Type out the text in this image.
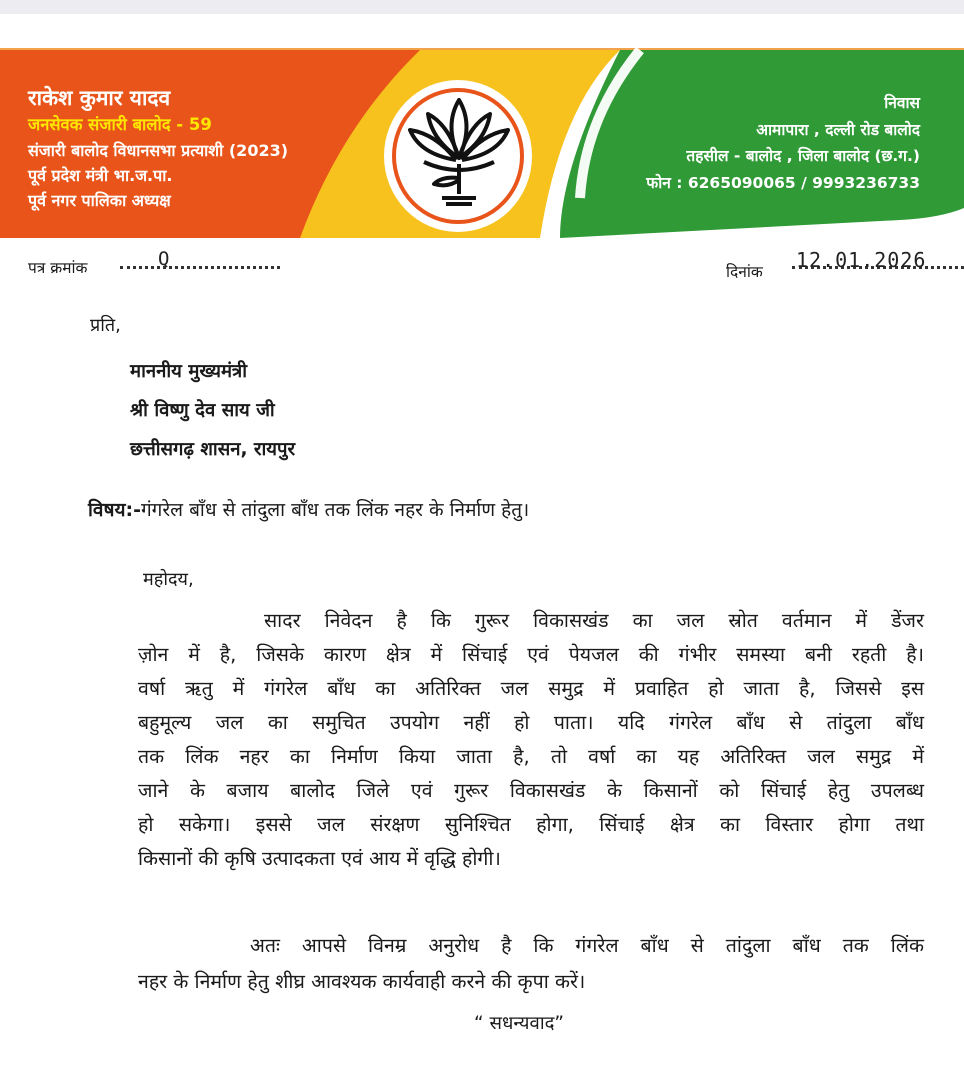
राकेश कुमार यादव
जनसेवक संजारी बालोद - 59
संजारी बालोद विधानसभा प्रत्याशी (2023)
पूर्व प्रदेश मंत्री भा.ज.पा.
पूर्व नगर पालिका अध्यक्ष
निवास
आमापारा , दल्ली रोड बालोद
तहसील - बालोद , जिला बालोद (छ.ग.)
फोन : 6265090065 / 9993236733
पत्र क्रमांक	Q
दिनांक 12.01.2026
प्रति,
माननीय मुख्यमंत्री
श्री विष्णु देव साय जी
छत्तीसगढ़ शासन, रायपुर
विषय:-गंगरेल बाँध से तांदुला बाँध तक लिंक नहर के निर्माण हेतु।
महोदय,
सादर निवेदन है कि गुरूर विकासखंड का जल स्रोत वर्तमान में डेंजर
ज़ोन में है, जिसके कारण क्षेत्र में सिंचाई एवं पेयजल की गंभीर समस्या बनी रहती है।
वर्षा ऋतु में गंगरेल बाँध का अतिरिक्त जल समुद्र में प्रवाहित हो जाता है, जिससे इस
बहुमूल्य जल का समुचित उपयोग नहीं हो पाता। यदि गंगरेल बाँध से तांदुला बाँध
तक लिंक नहर का निर्माण किया जाता है, तो वर्षा का यह अतिरिक्त जल समुद्र में
जाने के बजाय बालोद जिले एवं गुरूर विकासखंड के किसानों को सिंचाई हेतु उपलब्ध
हो सकेगा। इससे जल संरक्षण सुनिश्चित होगा, सिंचाई क्षेत्र का विस्तार होगा तथा
किसानों की कृषि उत्पादकता एवं आय में वृद्धि होगी।
अतः आपसे विनम्र अनुरोध है कि गंगरेल बाँध से तांदुला बाँध तक लिंक
नहर के निर्माण हेतु शीघ्र आवश्यक कार्यवाही करने की कृपा करें।
“ सधन्यवाद”
